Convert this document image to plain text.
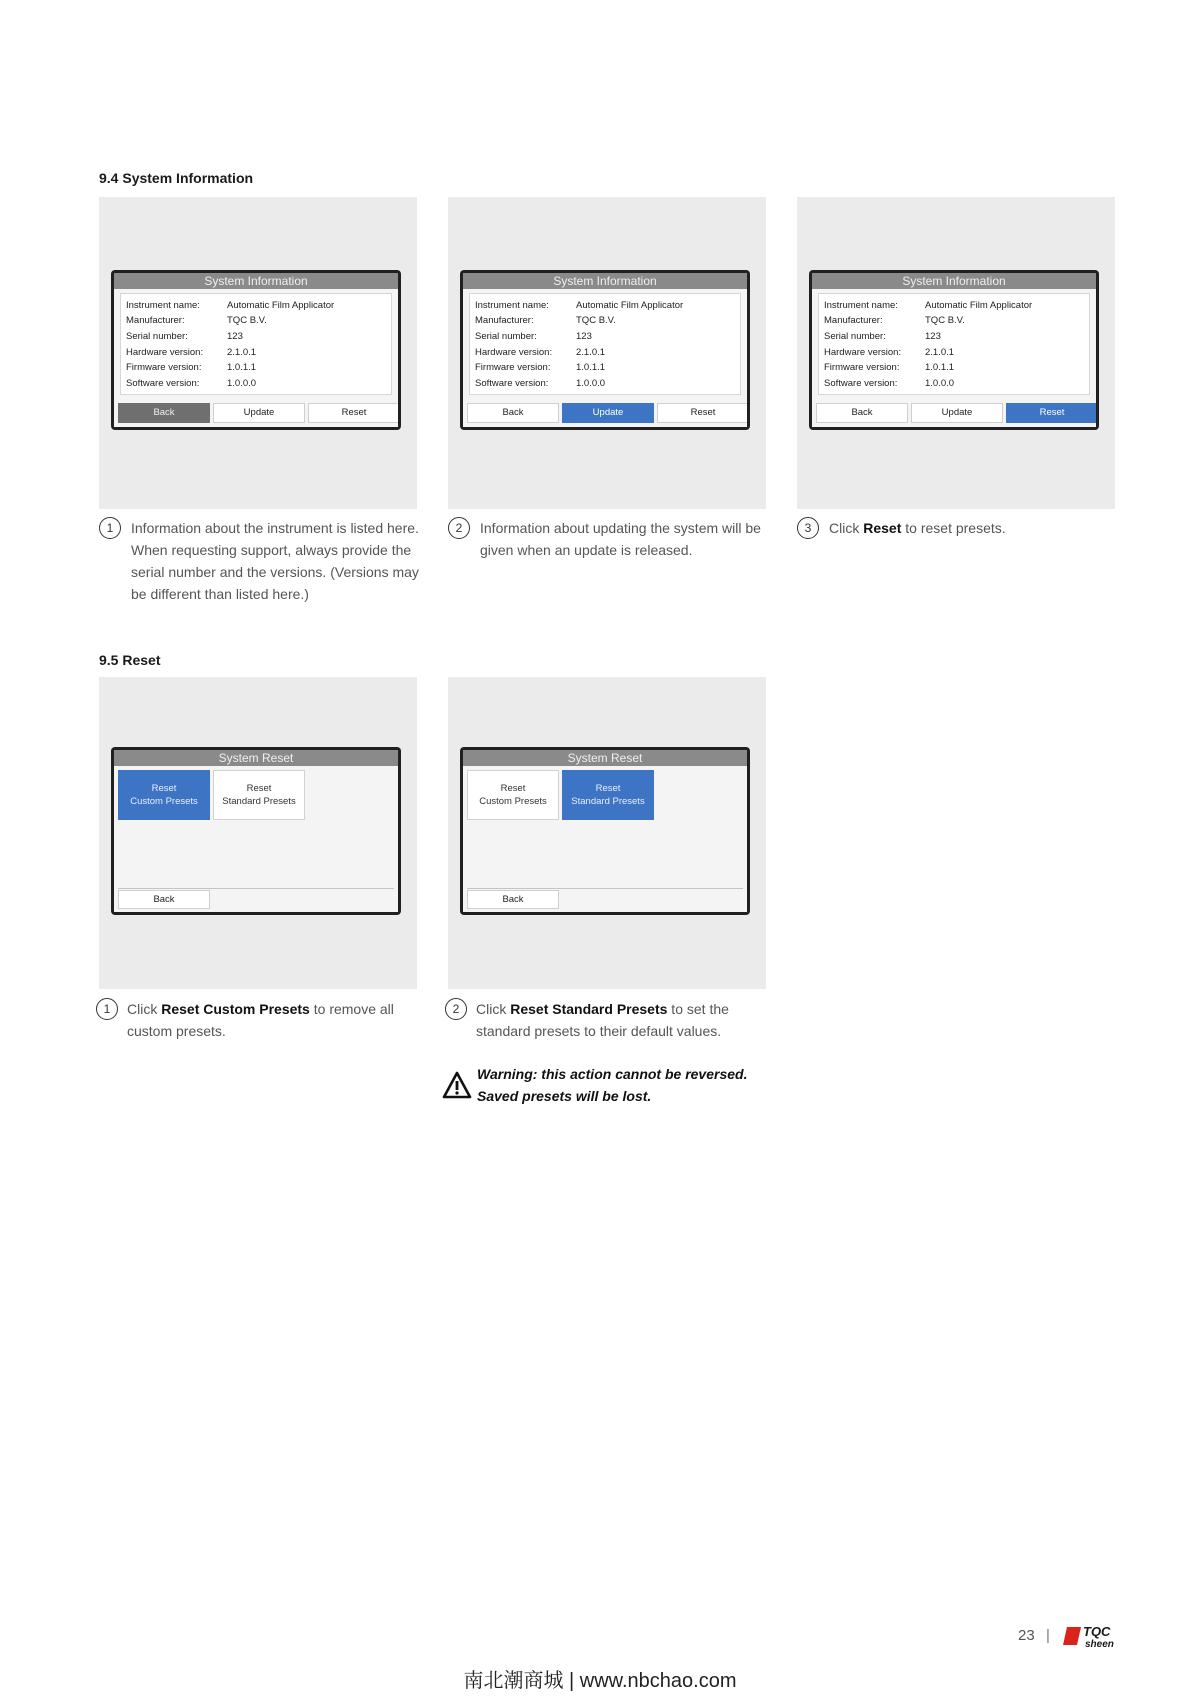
9.4 System Information
9.5 Reset
System Information
Instrument name:	Automatic Film Applicator
Manufacturer:	TQC B.V.
Serial number:	123
Hardware version:	2.1.0.1
Firmware version:	1.0.1.1
Software version:	1.0.0.0
Back	Update	Reset
System Information
Instrument name:	Automatic Film Applicator
Manufacturer:	TQC B.V.
Serial number:	123
Hardware version:	2.1.0.1
Firmware version:	1.0.1.1
Software version:	1.0.0.0
Back	Update	Reset
System Information
Instrument name:	Automatic Film Applicator
Manufacturer:	TQC B.V.
Serial number:	123
Hardware version:	2.1.0.1
Firmware version:	1.0.1.1
Software version:	1.0.0.0
Back	Update	Reset
1	Information about the instrument is listed here. When requesting support, always provide the serial number and the versions. (Versions may be different than listed here.)
2	Information about updating the system will be given when an update is released.
3	Click Reset to reset presets.
System Reset
Reset
Custom Presets
Reset
Standard Presets
Back
System Reset
Reset
Custom Presets
Reset
Standard Presets
Back
1	Click Reset Custom Presets to remove all custom presets.
2	Click Reset Standard Presets to set the standard presets to their default values.
Warning: this action cannot be reversed.
Saved presets will be lost.
23 |	TQC
sheen
南北潮商城 | www.nbchao.com
